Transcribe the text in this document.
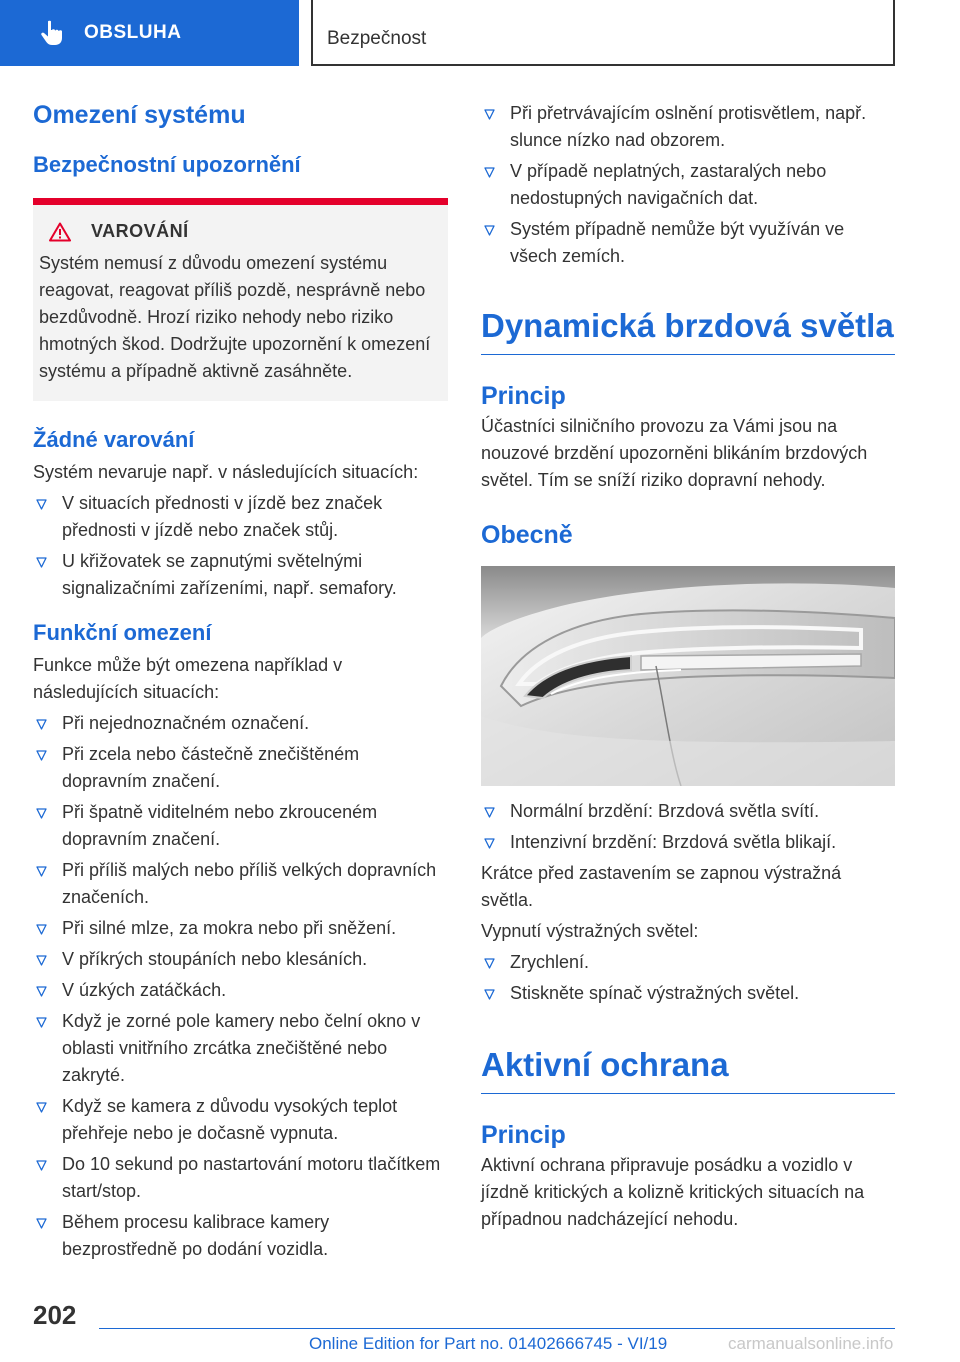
OBSLUHA	Bezpečnost
Omezení systému
Bezpečnostní upozornění
VAROVÁNÍ

Systém nemusí z důvodu omezení systému reagovat, reagovat příliš pozdě, nesprávně nebo bezdůvodně. Hrozí riziko nehody nebo riziko hmotných škod. Dodržujte upozornění k omezení systému a případně aktivně zasáhněte.

Žádné varování

Systém nevaruje např. v následujících situacích:

V situacích přednosti v jízdě bez značek přednosti v jízdě nebo značek stůj.
U křižovatek se zapnutými světelnými signalizačními zařízeními, např. semafory.
Funkční omezení

Funkce může být omezena například v následujících situacích:

Při nejednoznačném označení.
Při zcela nebo částečně znečištěném dopravním značení.
Při špatně viditelném nebo zkrouceném dopravním značení.
Při příliš malých nebo příliš velkých dopravních značeních.
Při silné mlze, za mokra nebo při sněžení.
V příkrých stoupáních nebo klesáních.
V úzkých zatáčkách.
Když je zorné pole kamery nebo čelní okno v oblasti vnitřního zrcátka znečištěné nebo zakryté.
Když se kamera z důvodu vysokých teplot přehřeje nebo je dočasně vypnuta.
Do 10 sekund po nastartování motoru tlačítkem start/stop.
Během procesu kalibrace kamery bezprostředně po dodání vozidla.
Při přetrvávajícím oslnění protisvětlem, např. slunce nízko nad obzorem.
V případě neplatných, zastaralých nebo nedostupných navigačních dat.
Systém případně nemůže být využíván ve všech zemích.
Dynamická brzdová světla
Princip

Účastníci silničního provozu za Vámi jsou na nouzové brzdění upozorněni blikáním brzdových světel. Tím se sníží riziko dopravní nehody.

Obecně
Normální brzdění: Brzdová světla svítí.
Intenzivní brzdění: Brzdová světla blikají.

Krátce před zastavením se zapnou výstražná světla.

Vypnutí výstražných světel:

Zrychlení.
Stiskněte spínač výstražných světel.
Aktivní ochrana
Princip

Aktivní ochrana připravuje posádku a vozidlo v jízdně kritických a kolizně kritických situacích na případnou nadcházející nehodu.

202
Online Edition for Part no. 01402666745 - VI/19	carmanualsonline.info
